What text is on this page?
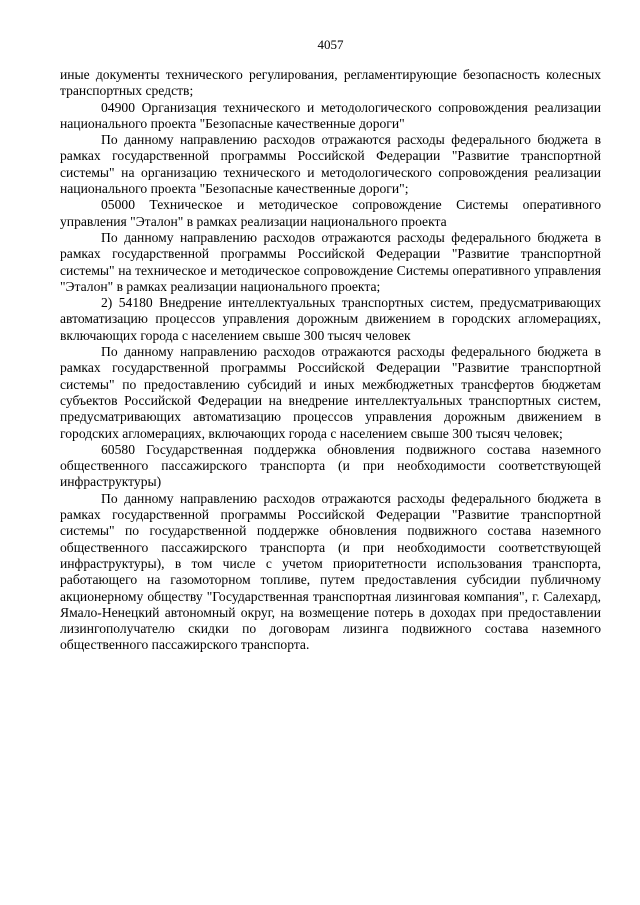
4057

иные документы технического регулирования, регламентирующие безопасность колесных транспортных средств;

04900 Организация технического и методологического сопровождения реализации национального проекта "Безопасные качественные дороги"

По данному направлению расходов отражаются расходы федерального бюджета в рамках государственной программы Российской Федерации "Развитие транспортной системы" на организацию технического и методологического сопровождения реализации национального проекта "Безопасные качественные дороги";

05000 Техническое и методическое сопровождение Системы оперативного управления "Эталон" в рамках реализации национального проекта

По данному направлению расходов отражаются расходы федерального бюджета в рамках государственной программы Российской Федерации "Развитие транспортной системы" на техническое и методическое сопровождение Системы оперативного управления "Эталон" в рамках реализации национального проекта;

2) 54180 Внедрение интеллектуальных транспортных систем, предусматривающих автоматизацию процессов управления дорожным движением в городских агломерациях, включающих города с населением свыше 300 тысяч человек

По данному направлению расходов отражаются расходы федерального бюджета в рамках государственной программы Российской Федерации "Развитие транспортной системы" по предоставлению субсидий и иных межбюджетных трансфертов бюджетам субъектов Российской Федерации на внедрение интеллектуальных транспортных систем, предусматривающих автоматизацию процессов управления дорожным движением в городских агломерациях, включающих города с населением свыше 300 тысяч человек;

60580 Государственная поддержка обновления подвижного состава наземного общественного пассажирского транспорта (и при необходимости соответствующей инфраструктуры)

По данному направлению расходов отражаются расходы федерального бюджета в рамках государственной программы Российской Федерации "Развитие транспортной системы" по государственной поддержке обновления подвижного состава наземного общественного пассажирского транспорта (и при необходимости соответствующей инфраструктуры), в том числе с учетом приоритетности использования транспорта, работающего на газомоторном топливе, путем предоставления субсидии публичному акционерному обществу "Государственная транспортная лизинговая компания", г. Салехард, Ямало-Ненецкий автономный округ, на возмещение потерь в доходах при предоставлении лизингополучателю скидки по договорам лизинга подвижного состава наземного общественного пассажирского транспорта.
